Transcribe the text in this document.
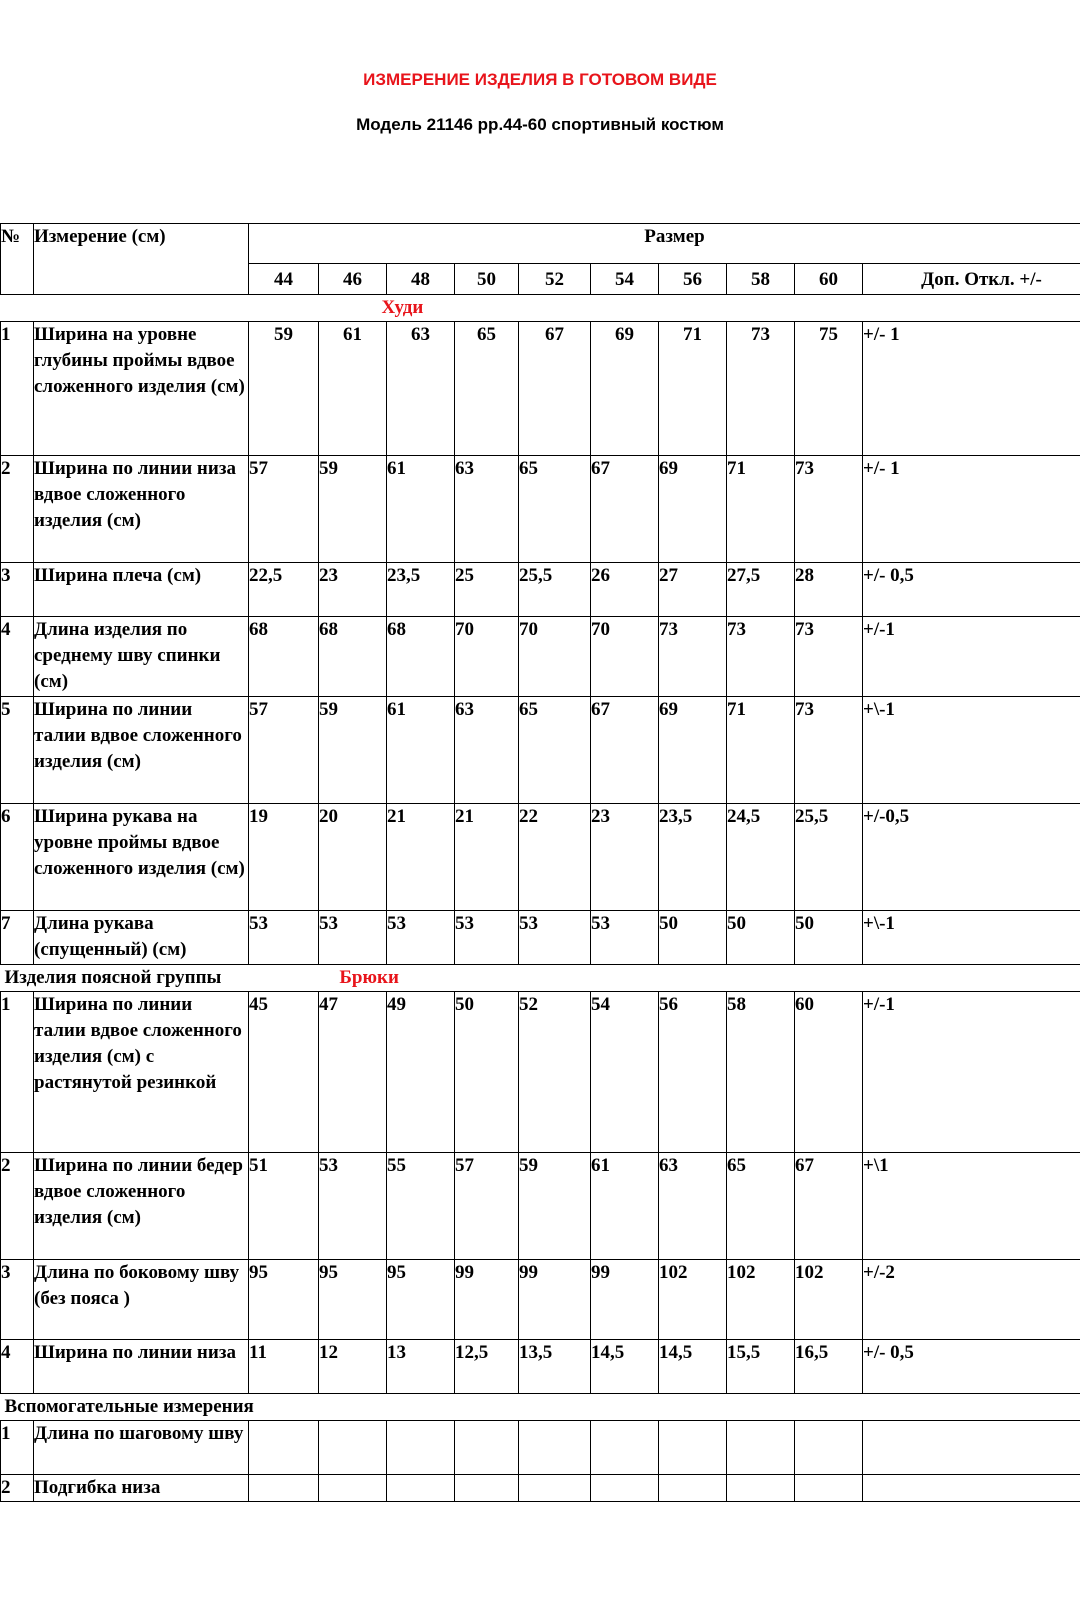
ИЗМЕРЕНИЕ ИЗДЕЛИЯ В ГОТОВОМ ВИДЕ
Модель 21146 рр.44-60 спортивный костюм
№	Измерение (см)	Размер									
		44	46	48	50	52	54	56	58	60	Доп. Откл. +/-
Худи											
1	Ширина на уровне глубины проймы вдвое сложенного изделия (см)	59	61	63	65	67	69	71	73	75	+/- 1
2	Ширина по линии низа вдвое сложенного изделия (см)	57	59	61	63	65	67	69	71	73	+/- 1
3	Ширина плеча (см)	22,5	23	23,5	25	25,5	26	27	27,5	28	+/- 0,5
4	Длина изделия по среднему шву спинки (см)	68	68	68	70	70	70	73	73	73	+/-1
5	Ширина по линии талии вдвое сложенного изделия (см)	57	59	61	63	65	67	69	71	73	+\-1
6	Ширина рукава на уровне проймы вдвое сложенного изделия (см)	19	20	21	21	22	23	23,5	24,5	25,5	+/-0,5
7	Длина рукава (спущенный) (см)	53	53	53	53	53	53	50	50	50	+\-1
Изделия поясной группы Брюки											
1	Ширина по линии талии вдвое сложенного изделия (см) с растянутой резинкой	45	47	49	50	52	54	56	58	60	+/-1
2	Ширина по линии бедер вдвое сложенного изделия (см)	51	53	55	57	59	61	63	65	67	+\1
3	Длина по боковому шву (без пояса )	95	95	95	99	99	99	102	102	102	+/-2
4	Ширина по линии низа	11	12	13	12,5	13,5	14,5	14,5	15,5	16,5	+/- 0,5
Вспомогательные измерения											
1	Длина по шаговому шву										
2	Подгибка низа										
